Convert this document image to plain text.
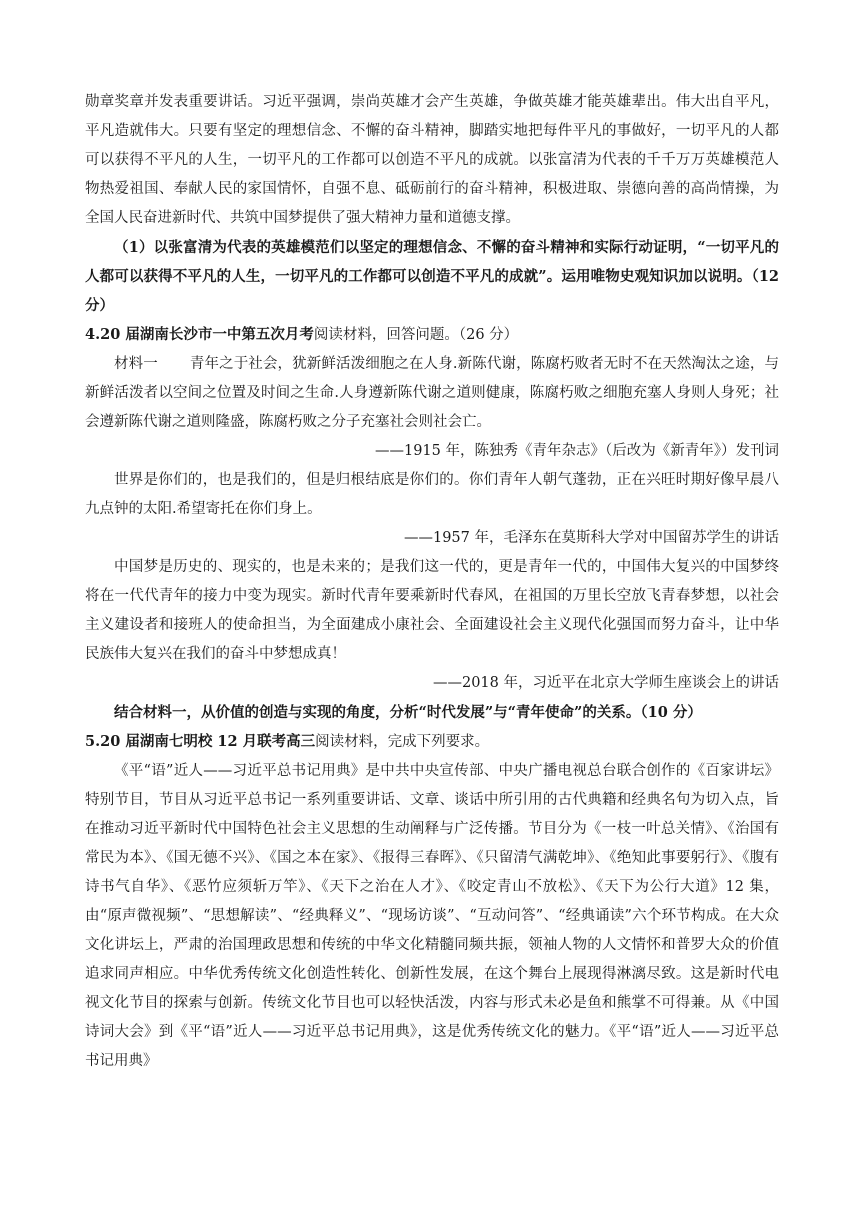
勋章奖章并发表重要讲话。习近平强调，崇尚英雄才会产生英雄，争做英雄才能英雄辈出。伟大出自平凡，平凡造就伟大。只要有坚定的理想信念、不懈的奋斗精神，脚踏实地把每件平凡的事做好，一切平凡的人都可以获得不平凡的人生，一切平凡的工作都可以创造不平凡的成就。以张富清为代表的千千万万英雄模范人物热爱祖国、奉献人民的家国情怀，自强不息、砥砺前行的奋斗精神，积极进取、崇德向善的高尚情操，为全国人民奋进新时代、共筑中国梦提供了强大精神力量和道德支撑。

（1）以张富清为代表的英雄模范们以坚定的理想信念、不懈的奋斗精神和实际行动证明，“一切平凡的人都可以获得不平凡的人生，一切平凡的工作都可以创造不平凡的成就”。运用唯物史观知识加以说明。（12 分）

4.20 届湖南长沙市一中第五次月考阅读材料，回答问题。（26 分）

材料一 青年之于社会，犹新鲜活泼细胞之在人身.新陈代谢，陈腐朽败者无时不在天然淘汰之途，与新鲜活泼者以空间之位置及时间之生命.人身遵新陈代谢之道则健康，陈腐朽败之细胞充塞人身则人身死；社会遵新陈代谢之道则隆盛，陈腐朽败之分子充塞社会则社会亡。

——1915 年，陈独秀《青年杂志》（后改为《新青年》）发刊词

世界是你们的，也是我们的，但是归根结底是你们的。你们青年人朝气蓬勃，正在兴旺时期好像早晨八九点钟的太阳.希望寄托在你们身上。

——1957 年，毛泽东在莫斯科大学对中国留苏学生的讲话

中国梦是历史的、现实的，也是未来的；是我们这一代的，更是青年一代的，中国伟大复兴的中国梦终将在一代代青年的接力中变为现实。新时代青年要乘新时代春风，在祖国的万里长空放飞青春梦想，以社会主义建设者和接班人的使命担当，为全面建成小康社会、全面建设社会主义现代化强国而努力奋斗，让中华民族伟大复兴在我们的奋斗中梦想成真！

——2018 年，习近平在北京大学师生座谈会上的讲话

结合材料一，从价值的创造与实现的角度，分析“时代发展”与“青年使命”的关系。（10 分）

5.20 届湖南七明校 12 月联考高三阅读材料，完成下列要求。

《平“语”近人——习近平总书记用典》是中共中央宣传部、中央广播电视总台联合创作的《百家讲坛》特别节目，节目从习近平总书记一系列重要讲话、文章、谈话中所引用的古代典籍和经典名句为切入点，旨在推动习近平新时代中国特色社会主义思想的生动阐释与广泛传播。节目分为《一枝一叶总关情》、《治国有常民为本》、《国无德不兴》、《国之本在家》、《报得三春晖》、《只留清气满乾坤》、《绝知此事要躬行》、《腹有诗书气自华》、《恶竹应须斩万竿》、《天下之治在人才》、《咬定青山不放松》、《天下为公行大道》12 集，由“原声微视频”、“思想解读”、“经典释义”、“现场访谈”、“互动问答”、“经典诵读”六个环节构成。在大众文化讲坛上，严肃的治国理政思想和传统的中华文化精髓同频共振，领袖人物的人文情怀和普罗大众的价值追求同声相应。中华优秀传统文化创造性转化、创新性发展，在这个舞台上展现得淋漓尽致。这是新时代电视文化节目的探索与创新。传统文化节目也可以轻快活泼，内容与形式未必是鱼和熊掌不可得兼。从《中国诗词大会》到《平“语”近人——习近平总书记用典》，这是优秀传统文化的魅力。《平“语”近人——习近平总书记用典》
